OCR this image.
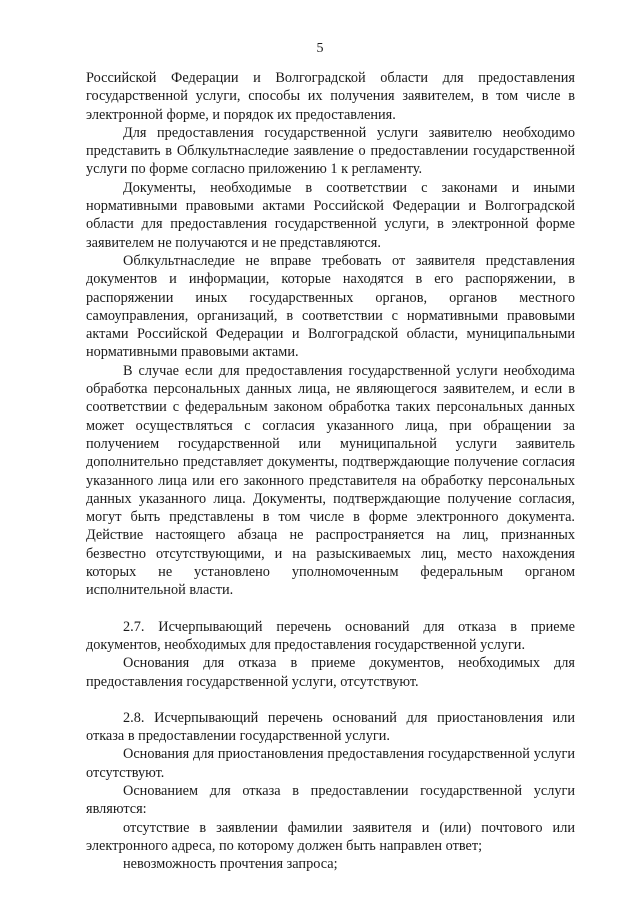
5

Российской Федерации и Волгоградской области для предоставления государственной услуги, способы их получения заявителем, в том числе в электронной форме, и порядок их предоставления.

Для предоставления государственной услуги заявителю необходимо представить в Облкультнаследие заявление о предоставлении государственной услуги по форме согласно приложению 1 к регламенту.

Документы, необходимые в соответствии с законами и иными нормативными правовыми актами Российской Федерации и Волгоградской области для предоставления государственной услуги, в электронной форме заявителем не получаются и не представляются.

Облкультнаследие не вправе требовать от заявителя представления документов и информации, которые находятся в его распоряжении, в распоряжении иных государственных органов, органов местного самоуправления, организаций, в соответствии с нормативными правовыми актами Российской Федерации и Волгоградской области, муниципальными нормативными правовыми актами.

В случае если для предоставления государственной услуги необходима обработка персональных данных лица, не являющегося заявителем, и если в соответствии с федеральным законом обработка таких персональных данных может осуществляться с согласия указанного лица, при обращении за получением государственной или муниципальной услуги заявитель дополнительно представляет документы, подтверждающие получение согласия указанного лица или его законного представителя на обработку персональных данных указанного лица. Документы, подтверждающие получение согласия, могут быть представлены в том числе в форме электронного документа. Действие настоящего абзаца не распространяется на лиц, признанных безвестно отсутствующими, и на разыскиваемых лиц, место нахождения которых не установлено уполномоченным федеральным органом исполнительной власти.

2.7. Исчерпывающий перечень оснований для отказа в приеме документов, необходимых для предоставления государственной услуги.

Основания для отказа в приеме документов, необходимых для предоставления государственной услуги, отсутствуют.

2.8. Исчерпывающий перечень оснований для приостановления или отказа в предоставлении государственной услуги.

Основания для приостановления предоставления государственной услуги отсутствуют.

Основанием для отказа в предоставлении государственной услуги являются:

отсутствие в заявлении фамилии заявителя и (или) почтового или электронного адреса, по которому должен быть направлен ответ;

невозможность прочтения запроса;
